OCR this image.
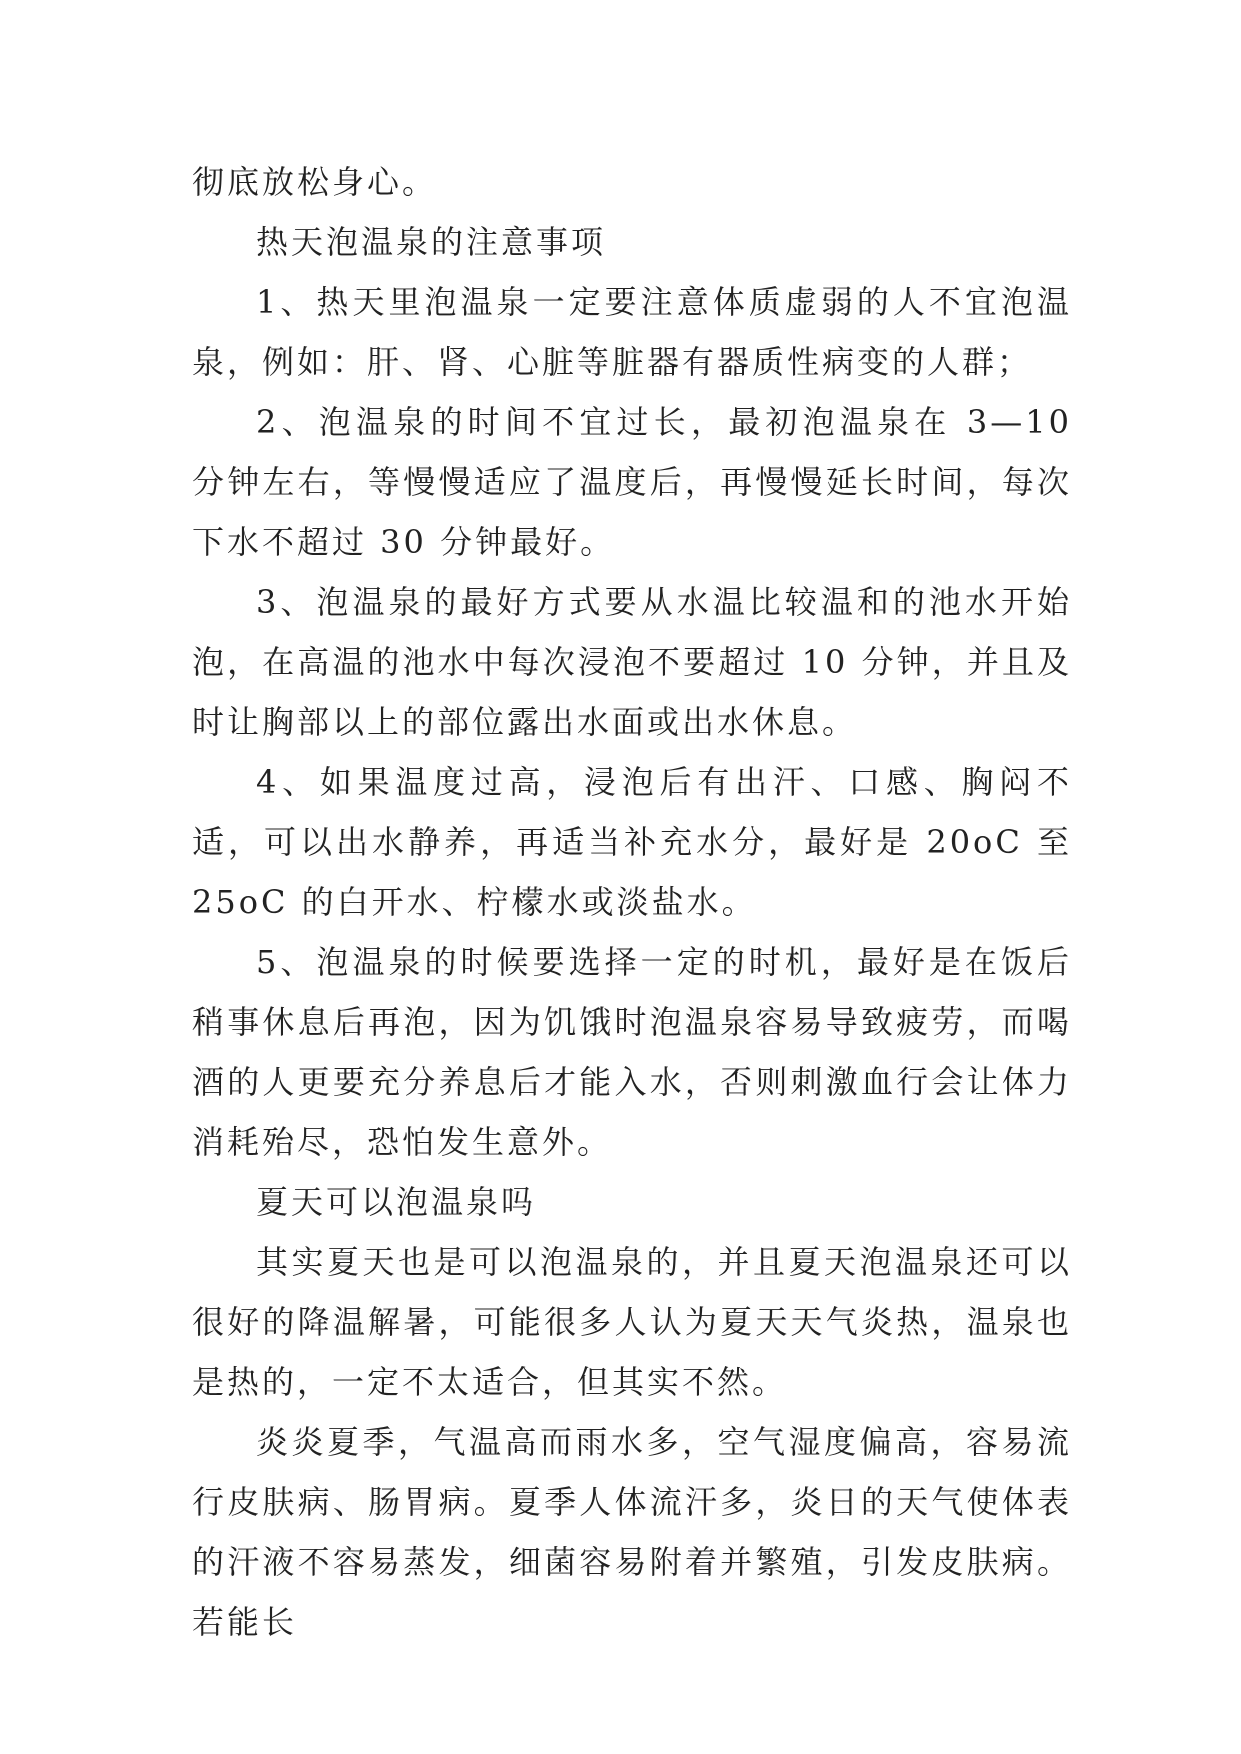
彻底放松身心。

热天泡温泉的注意事项

1、热天里泡温泉一定要注意体质虚弱的人不宜泡温泉，例如：肝、肾、心脏等脏器有器质性病变的人群；

2、泡温泉的时间不宜过长，最初泡温泉在 3—10 分钟左右，等慢慢适应了温度后，再慢慢延长时间，每次下水不超过 30 分钟最好。

3、泡温泉的最好方式要从水温比较温和的池水开始泡，在高温的池水中每次浸泡不要超过 10 分钟，并且及时让胸部以上的部位露出水面或出水休息。

4、如果温度过高，浸泡后有出汗、口感、胸闷不适，可以出水静养，再适当补充水分，最好是 20oC 至 25oC 的白开水、柠檬水或淡盐水。

5、泡温泉的时候要选择一定的时机，最好是在饭后稍事休息后再泡，因为饥饿时泡温泉容易导致疲劳，而喝酒的人更要充分养息后才能入水，否则刺激血行会让体力消耗殆尽，恐怕发生意外。

夏天可以泡温泉吗

其实夏天也是可以泡温泉的，并且夏天泡温泉还可以很好的降温解暑，可能很多人认为夏天天气炎热，温泉也是热的，一定不太适合，但其实不然。

炎炎夏季，气温高而雨水多，空气湿度偏高，容易流行皮肤病、肠胃病。夏季人体流汗多，炎日的天气使体表的汗液不容易蒸发，细菌容易附着并繁殖，引发皮肤病。若能长
